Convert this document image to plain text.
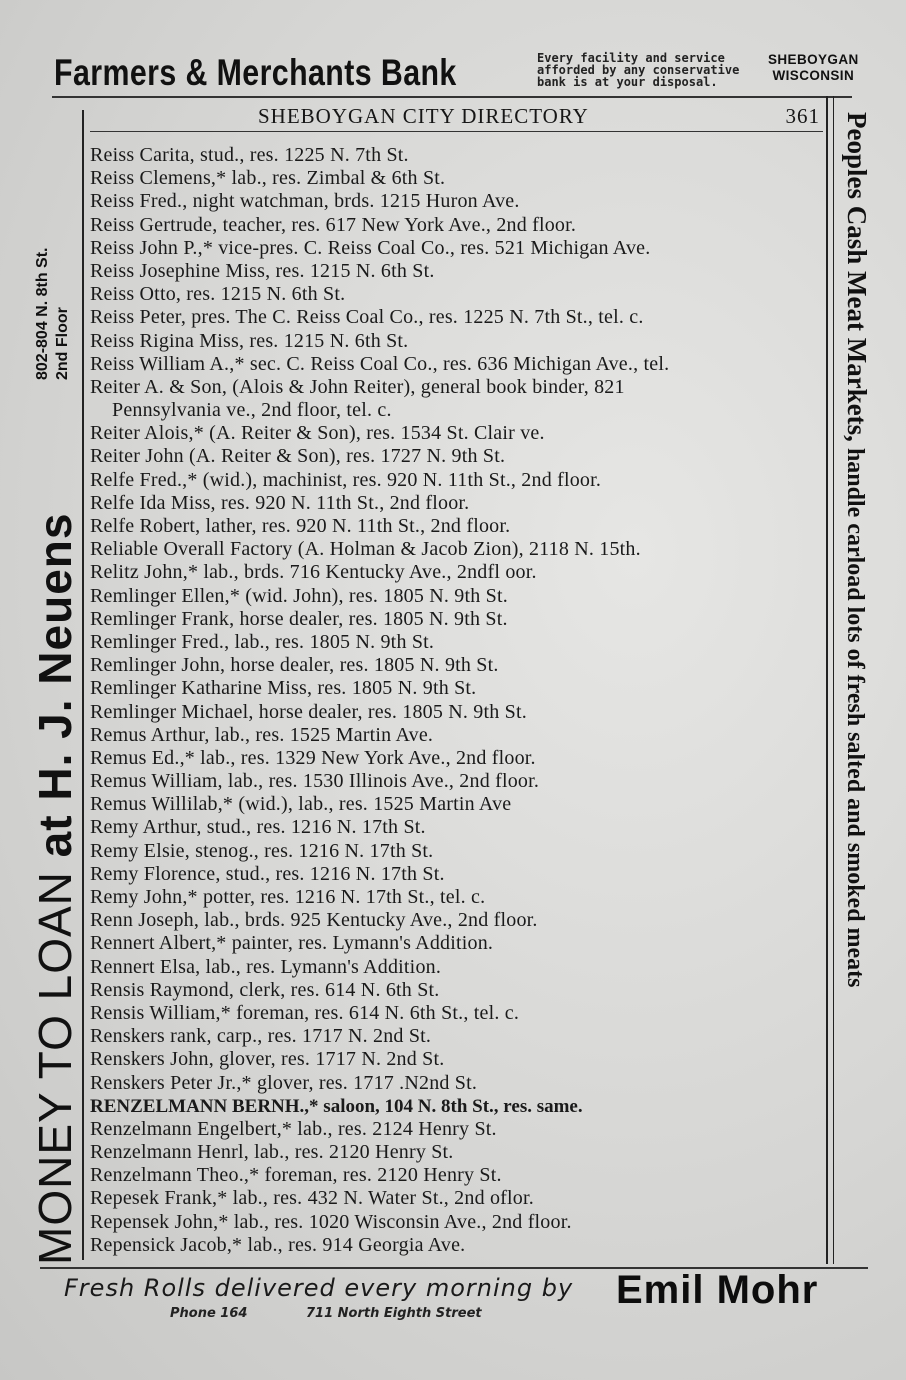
Farmers & Merchants Bank	Every facility and service
afforded by any conservative
bank is at your disposal.
SHEBOYGAN
WISCONSIN
MONEY TO LOAN at H. J. Neuens
802-804 N. 8th St. 2nd Floor	Peoples Cash Meat Markets, handle carload lots of fresh salted and smoked meats
SHEBOYGAN CITY DIRECTORY	361
Reiss Carita, stud., res. 1225 N. 7th St.
Reiss Clemens,* lab., res. Zimbal & 6th St.
Reiss Fred., night watchman, brds. 1215 Huron Ave.
Reiss Gertrude, teacher, res. 617 New York Ave., 2nd floor.
Reiss John P.,* vice-pres. C. Reiss Coal Co., res. 521 Michigan Ave.
Reiss Josephine Miss, res. 1215 N. 6th St.
Reiss Otto, res. 1215 N. 6th St.
Reiss Peter, pres. The C. Reiss Coal Co., res. 1225 N. 7th St., tel. c.
Reiss Rigina Miss, res. 1215 N. 6th St.
Reiss William A.,* sec. C. Reiss Coal Co., res. 636 Michigan Ave., tel.
Reiter A. & Son, (Alois & John Reiter), general book binder, 821
Pennsylvania ve., 2nd floor, tel. c.
Reiter Alois,* (A. Reiter & Son), res. 1534 St. Clair ve.
Reiter John (A. Reiter & Son), res. 1727 N. 9th St.
Relfe Fred.,* (wid.), machinist, res. 920 N. 11th St., 2nd floor.
Relfe Ida Miss, res. 920 N. 11th St., 2nd floor.
Relfe Robert, lather, res. 920 N. 11th St., 2nd floor.
Reliable Overall Factory (A. Holman & Jacob Zion), 2118 N. 15th.
Relitz John,* lab., brds. 716 Kentucky Ave., 2ndfl oor.
Remlinger Ellen,* (wid. John), res. 1805 N. 9th St.
Remlinger Frank, horse dealer, res. 1805 N. 9th St.
Remlinger Fred., lab., res. 1805 N. 9th St.
Remlinger John, horse dealer, res. 1805 N. 9th St.
Remlinger Katharine Miss, res. 1805 N. 9th St.
Remlinger Michael, horse dealer, res. 1805 N. 9th St.
Remus Arthur, lab., res. 1525 Martin Ave.
Remus Ed.,* lab., res. 1329 New York Ave., 2nd floor.
Remus William, lab., res. 1530 Illinois Ave., 2nd floor.
Remus Willilab,* (wid.), lab., res. 1525 Martin Ave
Remy Arthur, stud., res. 1216 N. 17th St.
Remy Elsie, stenog., res. 1216 N. 17th St.
Remy Florence, stud., res. 1216 N. 17th St.
Remy John,* potter, res. 1216 N. 17th St., tel. c.
Renn Joseph, lab., brds. 925 Kentucky Ave., 2nd floor.
Rennert Albert,* painter, res. Lymann's Addition.
Rennert Elsa, lab., res. Lymann's Addition.
Rensis Raymond, clerk, res. 614 N. 6th St.
Rensis William,* foreman, res. 614 N. 6th St., tel. c.
Renskers rank, carp., res. 1717 N. 2nd St.
Renskers John, glover, res. 1717 N. 2nd St.
Renskers Peter Jr.,* glover, res. 1717 .N2nd St.
RENZELMANN BERNH.,* saloon, 104 N. 8th St., res. same.
Renzelmann Engelbert,* lab., res. 2124 Henry St.
Renzelmann Henrl, lab., res. 2120 Henry St.
Renzelmann Theo.,* foreman, res. 2120 Henry St.
Repesek Frank,* lab., res. 432 N. Water St., 2nd oflor.
Repensek John,* lab., res. 1020 Wisconsin Ave., 2nd floor.
Repensick Jacob,* lab., res. 914 Georgia Ave.
Fresh Rolls delivered every morning by Emil Mohr
Phone 164	711 North Eighth Street
